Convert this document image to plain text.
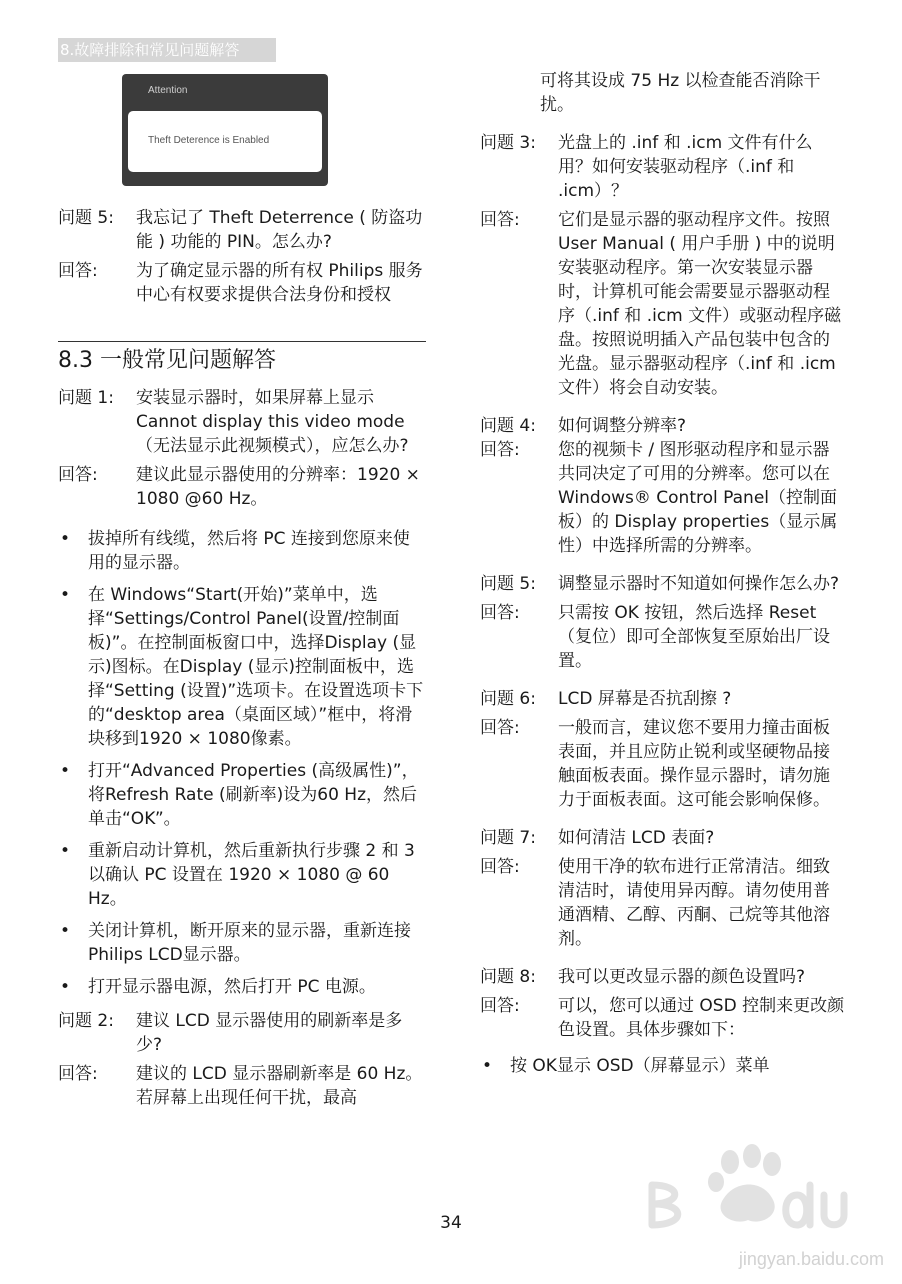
8.故障排除和常见问题解答
Attention
Theft Deterence is Enabled
问题 5:	我忘记了 Theft Deterrence ( 防盗功能 ) 功能的 PIN。怎么办?
回答:	为了确定显示器的所有权 Philips 服务中心有权要求提供合法身份和授权
8.3 一般常见问题解答
问题 1:	安装显示器时，如果屏幕上显示 Cannot display this video mode（无法显示此视频模式），应怎么办?
回答:	建议此显示器使用的分辨率：1920 × 1080 @60 Hz。
• 拔掉所有线缆，然后将 PC 连接到您原来使用的显示器。
• 在 Windows“Start(开始)”菜单中，选择“Settings/Control Panel(设置/控制面板)”。在控制面板窗口中，选择Display (显示)图标。在Display (显示)控制面板中，选择“Setting (设置)”选项卡。在设置选项卡下的“desktop area（桌面区域）”框中，将滑块移到1920 × 1080像素。
• 打开“Advanced Properties (高级属性)”，将Refresh Rate (刷新率)设为60 Hz，然后单击“OK”。
• 重新启动计算机，然后重新执行步骤 2 和 3 以确认 PC 设置在 1920 × 1080 @ 60 Hz。
• 关闭计算机，断开原来的显示器，重新连接 Philips LCD显示器。
• 打开显示器电源，然后打开 PC 电源。
问题 2:	建议 LCD 显示器使用的刷新率是多少?
回答:	建议的 LCD 显示器刷新率是 60 Hz。若屏幕上出现任何干扰，最高
可将其设成 75 Hz 以检查能否消除干扰。
问题 3:	光盘上的 .inf 和 .icm 文件有什么用？如何安装驱动程序（.inf 和 .icm）？
回答:	它们是显示器的驱动程序文件。按照 User Manual ( 用户手册 ) 中的说明安装驱动程序。第一次安装显示器时，计算机可能会需要显示器驱动程序（.inf 和 .icm 文件）或驱动程序磁盘。按照说明插入产品包装中包含的光盘。显示器驱动程序（.inf 和 .icm 文件）将会自动安装。
问题 4:	如何调整分辨率?
回答:	您的视频卡 / 图形驱动程序和显示器共同决定了可用的分辨率。您可以在 Windows® Control Panel（控制面板）的 Display properties（显示属性）中选择所需的分辨率。
问题 5:	调整显示器时不知道如何操作怎么办?
回答:	只需按 OK 按钮，然后选择 Reset（复位）即可全部恢复至原始出厂设置。
问题 6:	LCD 屏幕是否抗刮擦 ?
回答:	一般而言，建议您不要用力撞击面板表面，并且应防止锐利或坚硬物品接触面板表面。操作显示器时，请勿施力于面板表面。这可能会影响保修。
问题 7:	如何清洁 LCD 表面?
回答:	使用干净的软布进行正常清洁。细致清洁时，请使用异丙醇。请勿使用普通酒精、乙醇、丙酮、己烷等其他溶剂。
问题 8:	我可以更改显示器的颜色设置吗?
回答:	可以，您可以通过 OSD 控制来更改颜色设置。具体步骤如下：
• 按 OK显示 OSD（屏幕显示）菜单
34
jingyan.baidu.com
